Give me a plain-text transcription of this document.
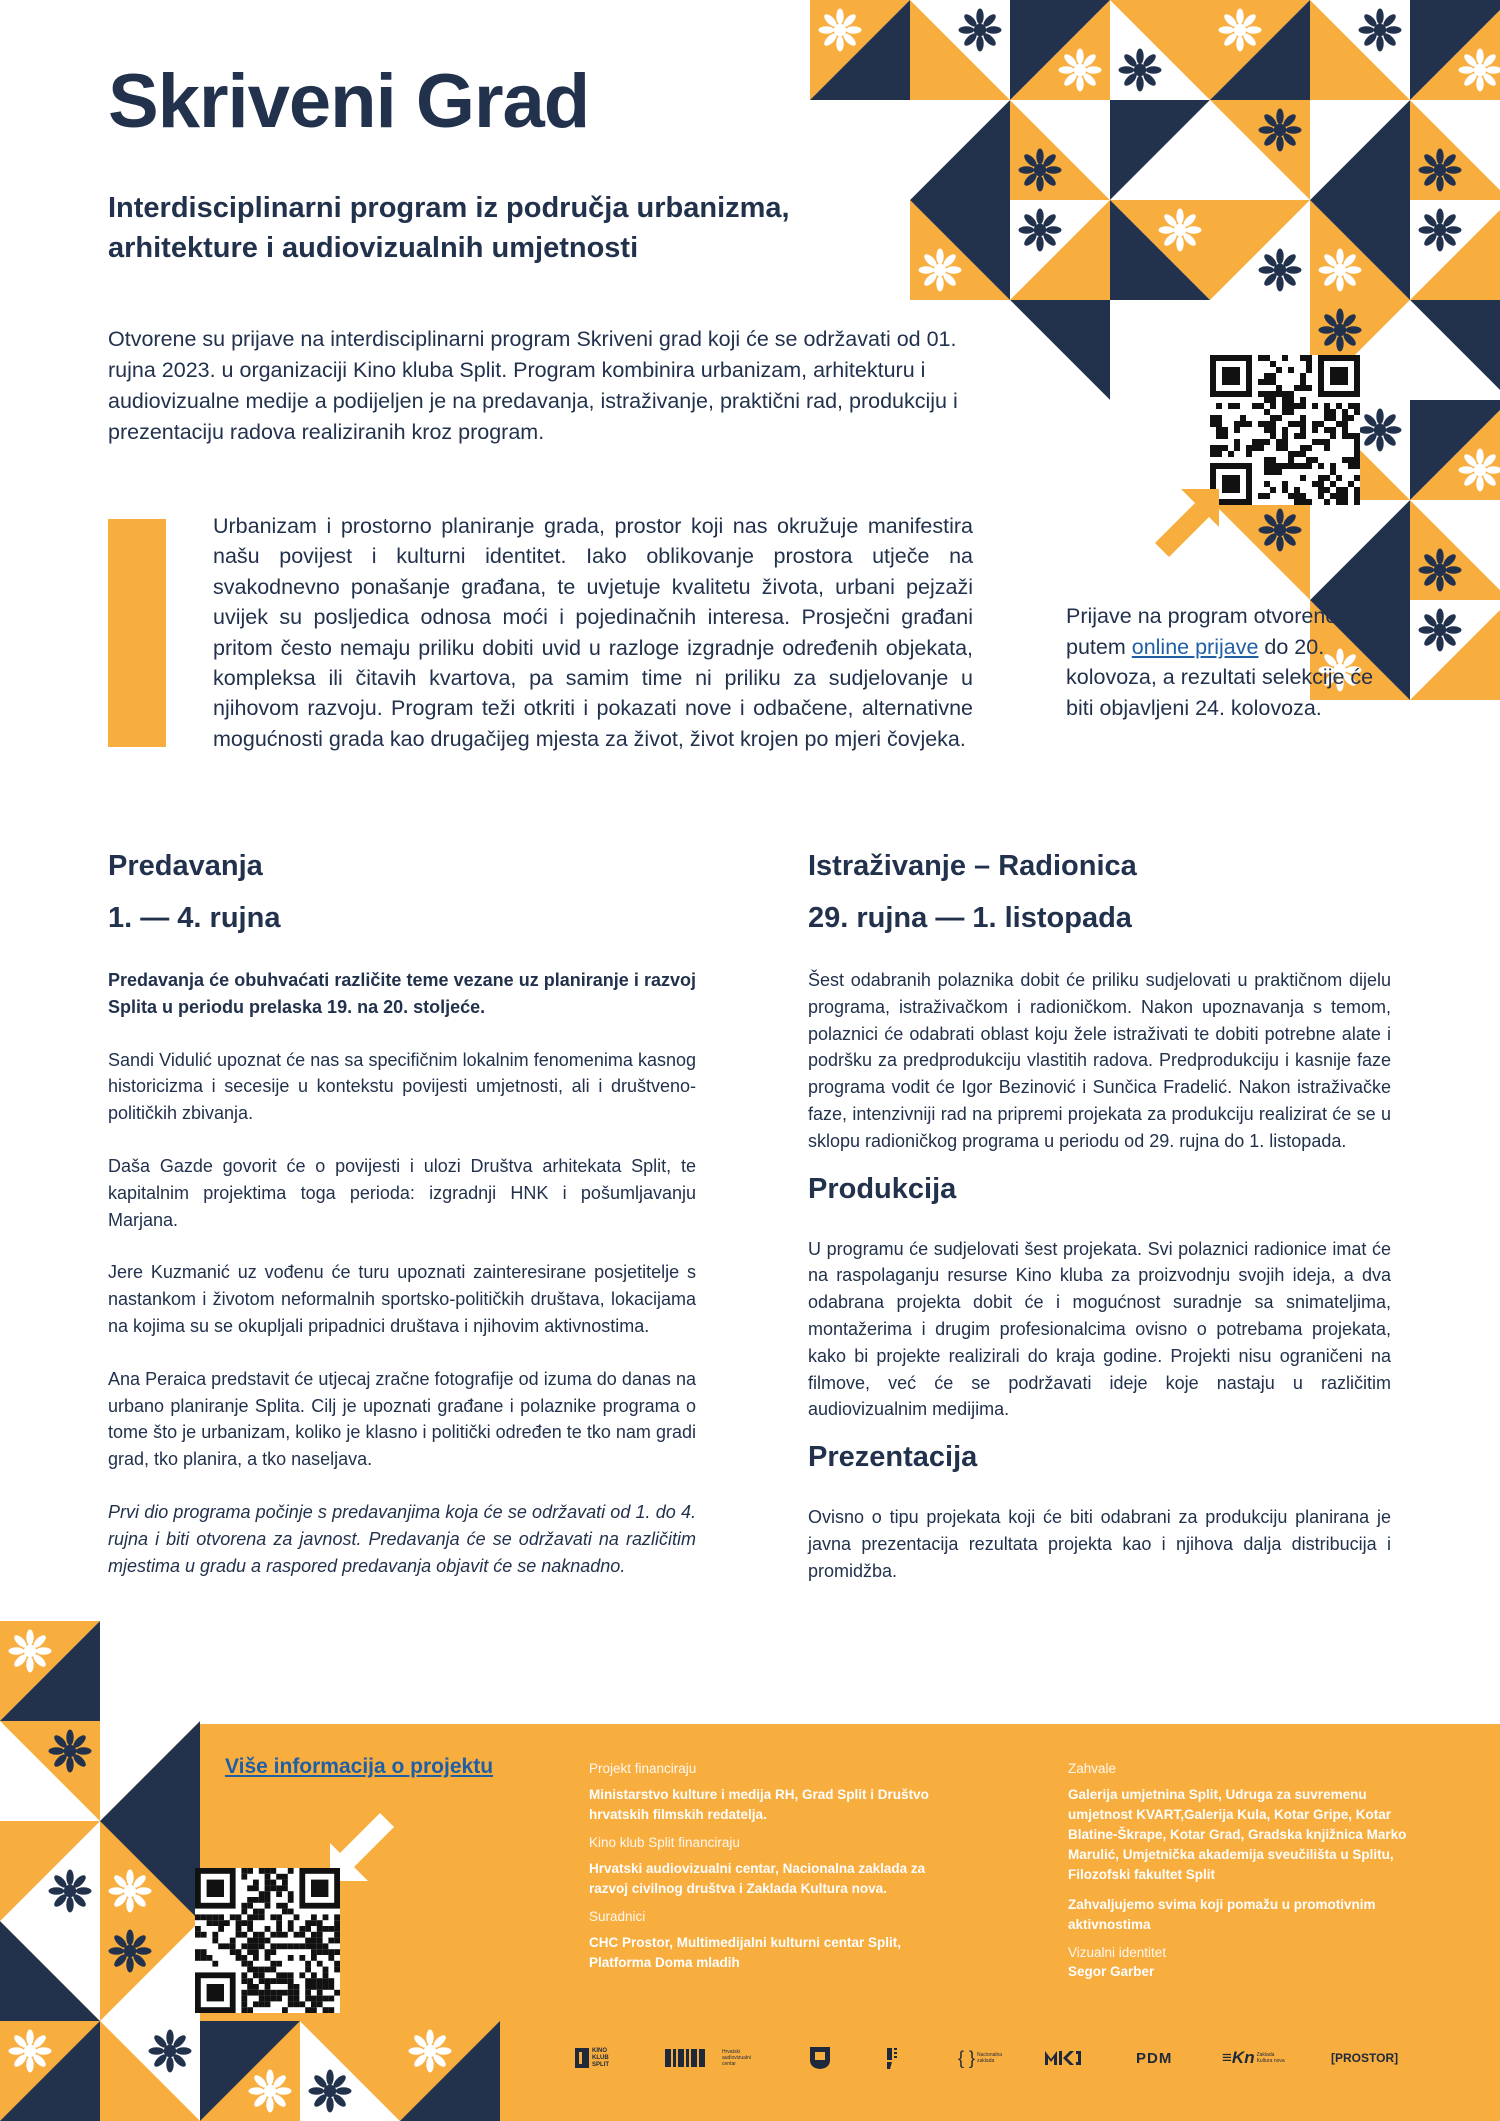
Skriveni Grad
Interdisciplinarni program iz područja urbanizma, arhitekture i audiovizualnih umjetnosti

Otvorene su prijave na interdisciplinarni program Skriveni grad koji će se održavati od 01. rujna 2023. u organizaciji Kino kluba Split. Program kombinira urbanizam, arhitekturu i audiovizualne medije a podijeljen je na predavanja, istraživanje, praktični rad, produkciju i prezentaciju radova realiziranih kroz program.

Urbanizam i prostorno planiranje grada, prostor koji nas okružuje manifestira našu povijest i kulturni identitet. Iako oblikovanje prostora utječe na svakodnevno ponašanje građana, te uvjetuje kvalitetu života, urbani pejzaži uvijek su posljedica odnosa moći i pojedinačnih interesa. Prosječni građani pritom često nemaju priliku dobiti uvid u razloge izgradnje određenih objekata, kompleksa ili čitavih kvartova, pa samim time ni priliku za sudjelovanje u njihovom razvoju. Program teži otkriti i pokazati nove i odbačene, alternativne mogućnosti grada kao drugačijeg mjesta za život, život krojen po mjeri čovjeka.

Prijave na program otvorene su putem online prijave do 20. kolovoza, a rezultati selekcije će biti objavljeni 24. kolovoza.

Predavanja
1. — 4. rujna

Predavanja će obuhvaćati različite teme vezane uz planiranje i razvoj Splita u periodu prelaska 19. na 20. stoljeće.

Sandi Vidulić upoznat će nas sa specifičnim lokalnim fenomenima kasnog historicizma i secesije u kontekstu povijesti umjetnosti, ali i društveno-političkih zbivanja.

Daša Gazde govorit će o povijesti i ulozi Društva arhitekata Split, te kapitalnim projektima toga perioda: izgradnji HNK i pošumljavanju Marjana.

Jere Kuzmanić uz vođenu će turu upoznati zainteresirane posjetitelje s nastankom i životom neformalnih sportsko-političkih društava, lokacijama na kojima su se okupljali pripadnici društava i njihovim aktivnostima.

Ana Peraica predstavit će utjecaj zračne fotografije od izuma do danas na urbano planiranje Splita. Cilj je upoznati građane i polaznike programa o tome što je urbanizam, koliko je klasno i politički određen te tko nam gradi grad, tko planira, a tko naseljava.

Prvi dio programa počinje s predavanjima koja će se održavati od 1. do 4. rujna i biti otvorena za javnost. Predavanja će se održavati na različitim mjestima u gradu a raspored predavanja objavit će se naknadno.

Istraživanje – Radionica
29. rujna — 1. listopada

Šest odabranih polaznika dobit će priliku sudjelovati u praktičnom dijelu programa, istraživačkom i radioničkom. Nakon upoznavanja s temom, polaznici će odabrati oblast koju žele istraživati te dobiti potrebne alate i podršku za predprodukciju vlastitih radova. Predprodukciju i kasnije faze programa vodit će Igor Bezinović i Sunčica Fradelić. Nakon istraživačke faze, intenzivniji rad na pripremi projekata za produkciju realizirat će se u sklopu radioničkog programa u periodu od 29. rujna do 1. listopada.

Produkcija

U programu će sudjelovati šest projekata. Svi polaznici radionice imat će na raspolaganju resurse Kino kluba za proizvodnju svojih ideja, a dva odabrana projekta dobit će i mogućnost suradnje sa snimateljima, montažerima i drugim profesionalcima ovisno o potrebama projekata, kako bi projekte realizirali do kraja godine. Projekti nisu ograničeni na filmove, već će se podržavati ideje koje nastaju u različitim audiovizualnim medijima.

Prezentacija

Ovisno o tipu projekata koji će biti odabrani za produkciju planirana je javna prezentacija rezultata projekta kao i njihova dalja distribucija i promidžba.

Više informacija o projektu	Projekt financiraju
Ministarstvo kulture i medija RH, Grad Split i Društvo hrvatskih filmskih redatelja.
Kino klub Split financiraju
Hrvatski audiovizualni centar, Nacionalna zaklada za razvoj civilnog društva i Zaklada Kultura nova.
Suradnici
CHC Prostor, Multimedijalni kulturni centar Split, Platforma Doma mladih
Zahvale
Galerija umjetnina Split, Udruga za suvremenu umjetnost KVART,Galerija Kula, Kotar Gripe, Kotar Blatine-Škrape, Kotar Grad, Gradska knjižnica Marko Marulić, Umjetnička akademija sveučilišta u Splitu, Filozofski fakultet Split
Zahvaljujemo svima koji pomažu u promotivnim aktivnostima
Vizualni identitet
Segor Garber
KINO KLUB SPLIT
Hrvatski audiovizualni centar	{ } Nacionalna zaklada	PDM	≡Kn Zaklada Kultura nova	[PROSTOR]
